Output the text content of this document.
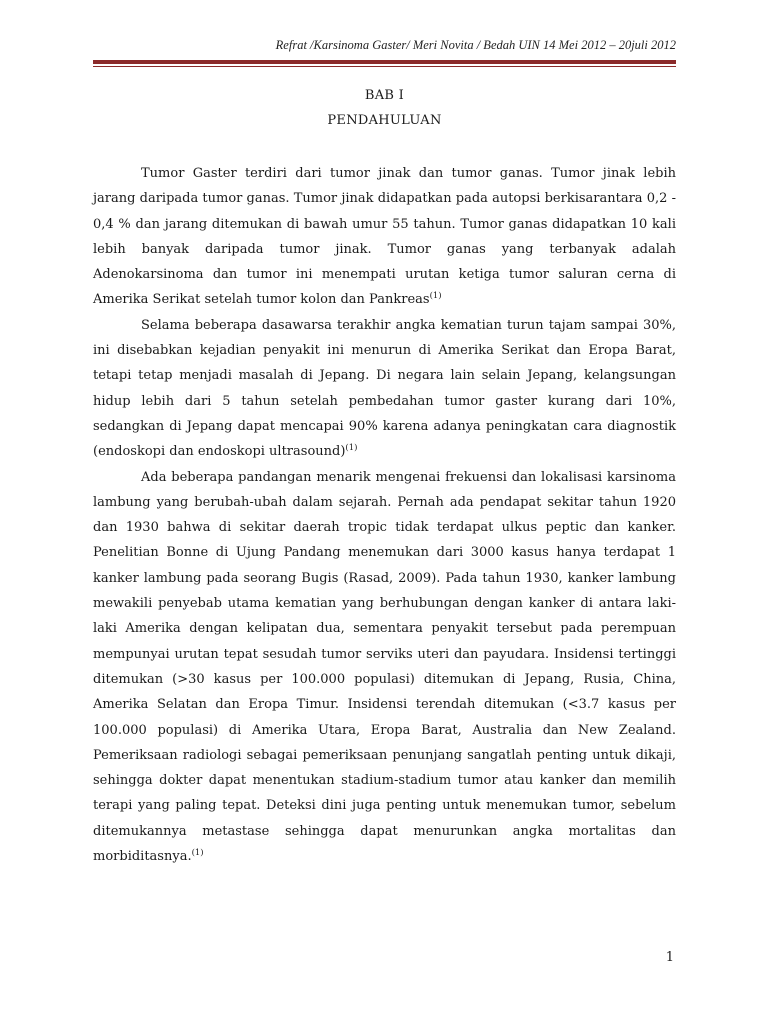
Refrat /Karsinoma Gaster/ Meri Novita / Bedah UIN 14 Mei 2012 – 20juli 2012
BAB I
PENDAHULUAN

Tumor Gaster terdiri dari tumor jinak dan tumor ganas. Tumor jinak lebih jarang daripada tumor ganas. Tumor jinak didapatkan pada autopsi berkisarantara 0,2 - 0,4 % dan jarang ditemukan di bawah umur 55 tahun. Tumor ganas didapatkan 10 kali lebih banyak daripada tumor jinak. Tumor ganas yang terbanyak adalah Adenokarsinoma dan tumor ini menempati urutan ketiga tumor saluran cerna di Amerika Serikat setelah tumor kolon dan Pankreas$^{(1)}$

Selama beberapa dasawarsa terakhir angka kematian turun tajam sampai 30%, ini disebabkan kejadian penyakit ini menurun di Amerika Serikat dan Eropa Barat, tetapi tetap menjadi masalah di Jepang. Di negara lain selain Jepang, kelangsungan hidup lebih dari 5 tahun setelah pembedahan tumor gaster kurang dari 10%, sedangkan di Jepang dapat mencapai 90% karena adanya peningkatan cara diagnostik (endoskopi dan endoskopi ultrasound)$^{(1)}$

Ada beberapa pandangan menarik mengenai frekuensi dan lokalisasi karsinoma lambung yang berubah-ubah dalam sejarah. Pernah ada pendapat sekitar tahun 1920 dan 1930 bahwa di sekitar daerah tropic tidak terdapat ulkus peptic dan kanker. Penelitian Bonne di Ujung Pandang menemukan dari 3000 kasus hanya terdapat 1 kanker lambung pada seorang Bugis (Rasad, 2009). Pada tahun 1930, kanker lambung mewakili penyebab utama kematian yang berhubungan dengan kanker di antara laki-laki Amerika dengan kelipatan dua, sementara penyakit tersebut pada perempuan mempunyai urutan tepat sesudah tumor serviks uteri dan payudara. Insidensi tertinggi ditemukan (>30 kasus per 100.000 populasi) ditemukan di Jepang, Rusia, China, Amerika Selatan dan Eropa Timur. Insidensi terendah ditemukan (<3.7 kasus per 100.000 populasi) di Amerika Utara, Eropa Barat, Australia dan New Zealand. Pemeriksaan radiologi sebagai pemeriksaan penunjang sangatlah penting untuk dikaji, sehingga dokter dapat menentukan stadium-stadium tumor atau kanker dan memilih terapi yang paling tepat. Deteksi dini juga penting untuk menemukan tumor, sebelum ditemukannya metastase sehingga dapat menurunkan angka mortalitas dan morbiditasnya.$^{(1)}$

1
